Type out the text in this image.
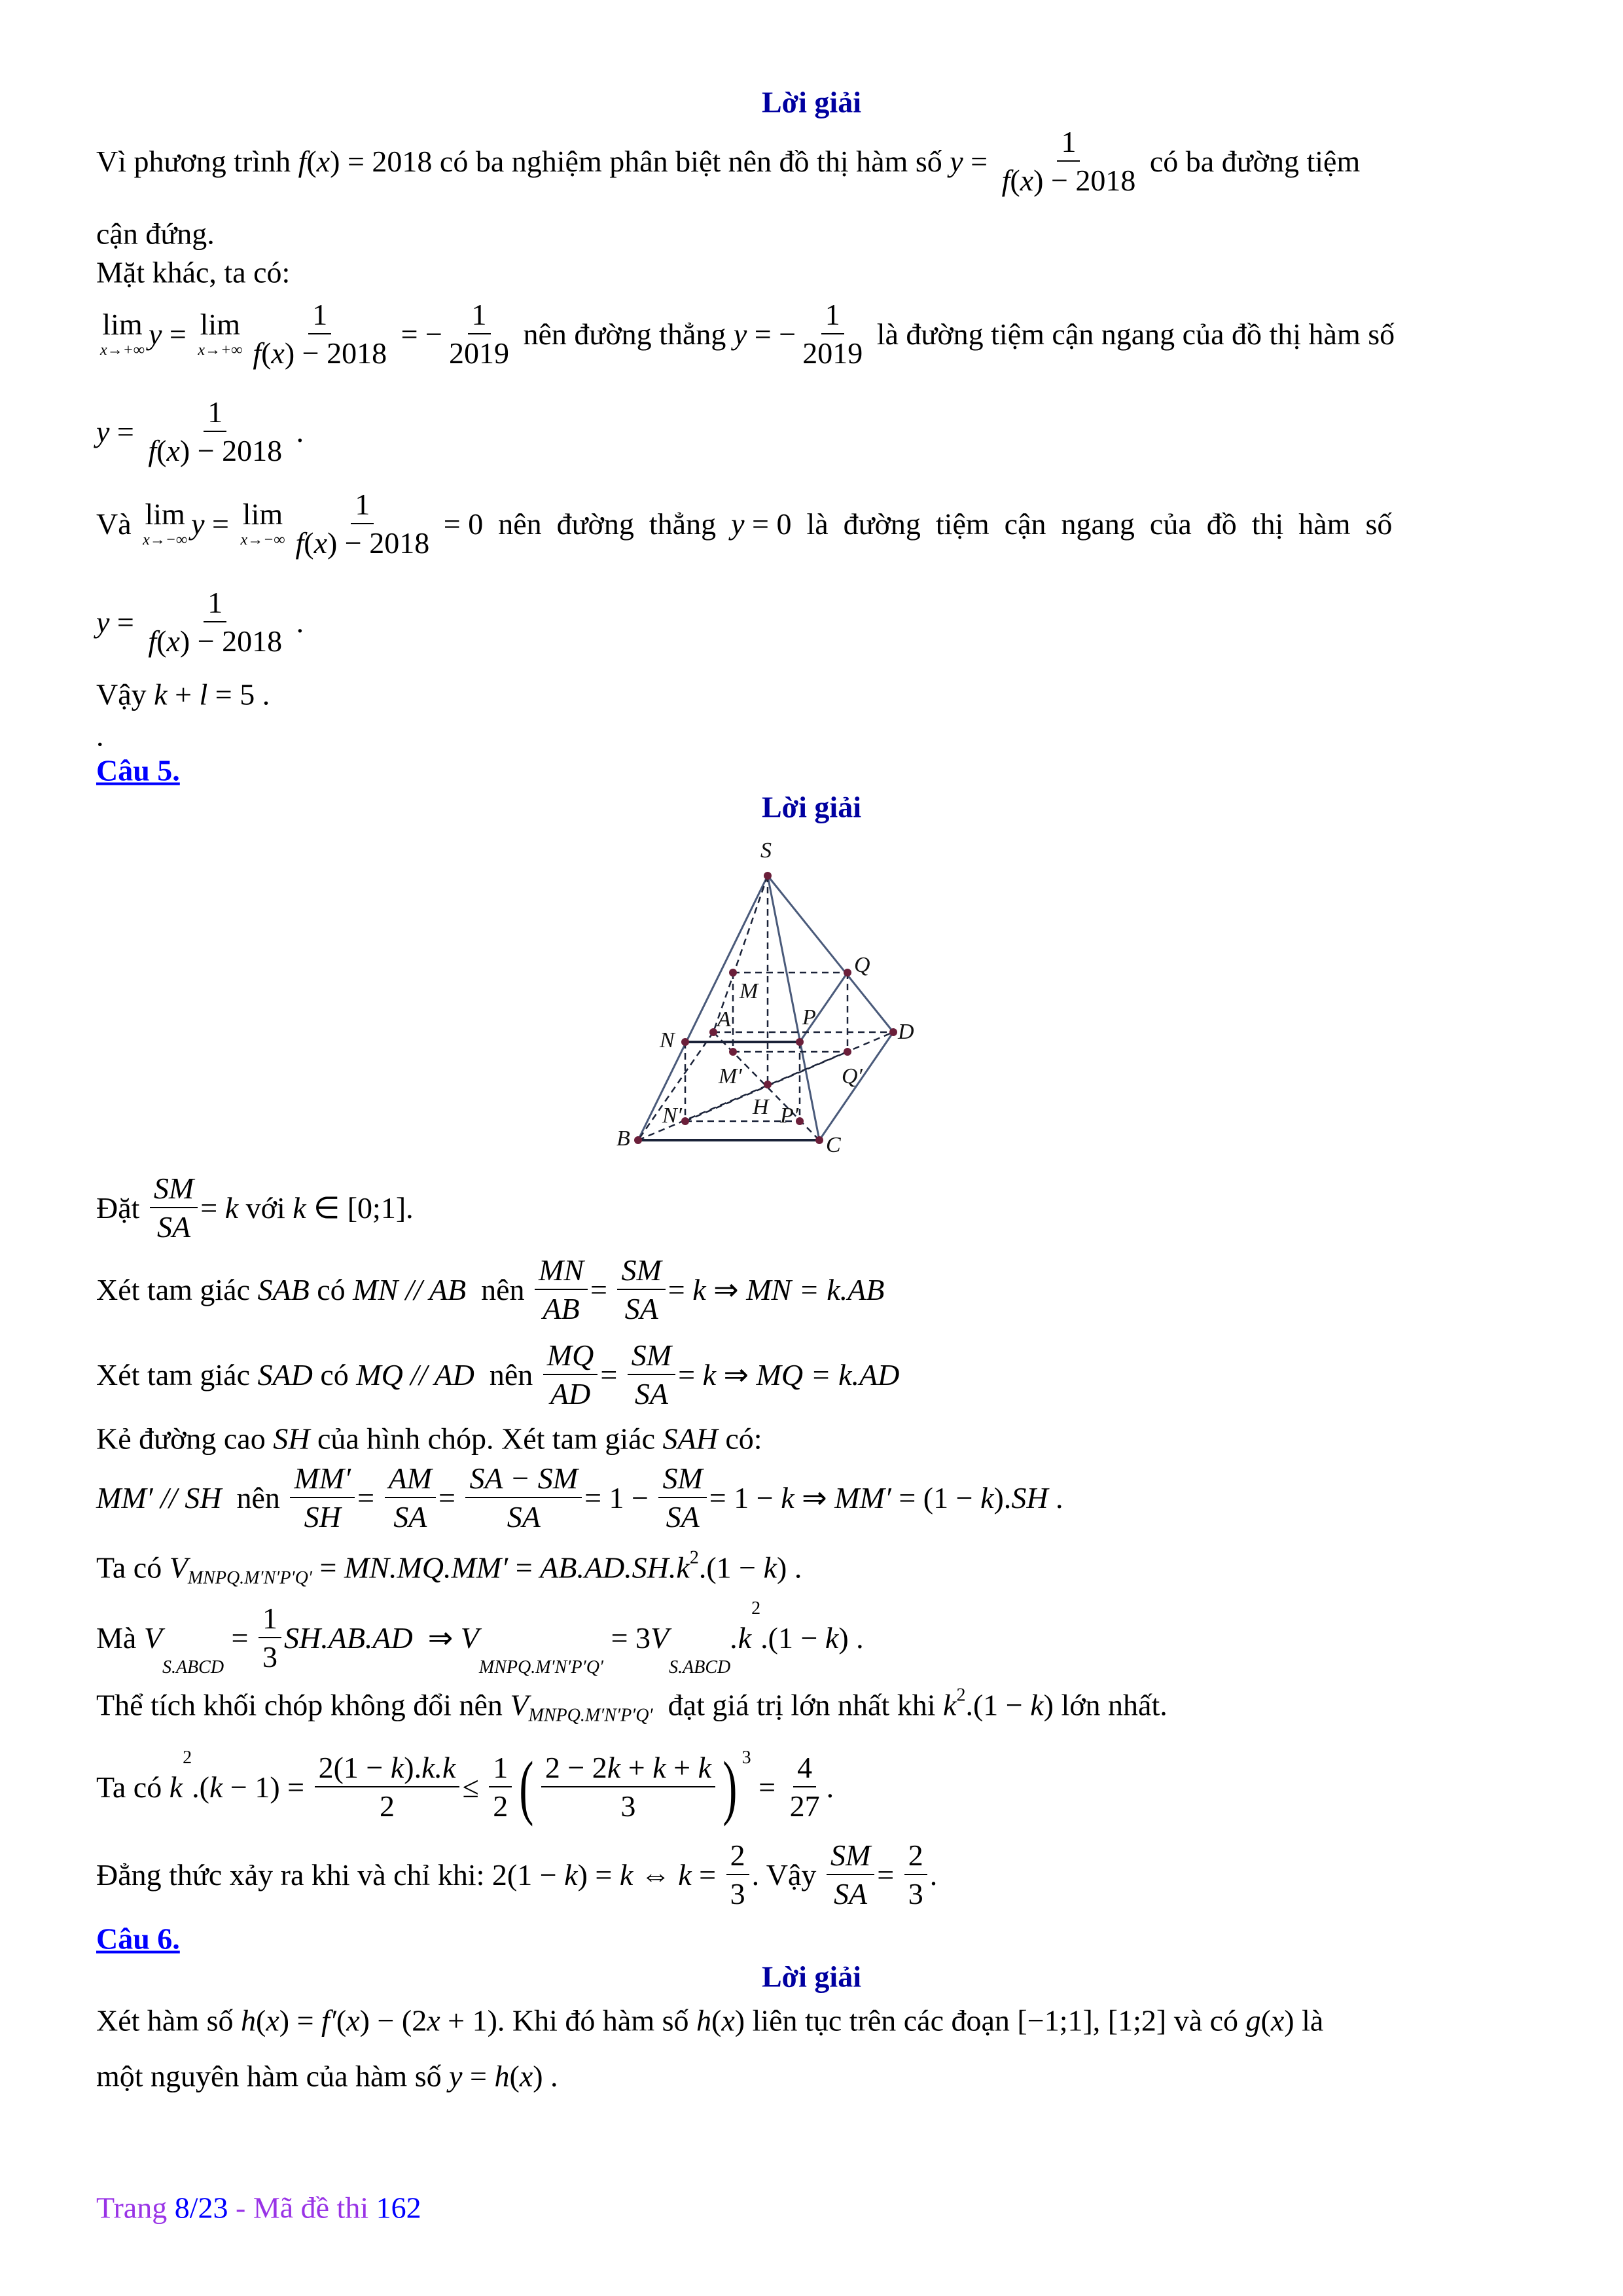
Lời giải
Vì phương trình f ( x ) = 2018 có ba nghiệm phân biệt nên đồ thị hàm số $y = \frac{1}{f ( x ) - 2018}$ có ba đường tiệm
cận đứng.
Mặt khác, ta có:
lim
x→+∞ y = lim
$x\to+\infty \frac{1}{f ( x ) - 2018}$ = − $\frac{1}{2019}$ nên đường thẳng y = − $\frac{1}{2019}$ là đường tiệm cận ngang của đồ thị hàm số
$y = \frac{1}{f ( x ) - 2018}$ .
Và lim
x→−∞ y = lim
$x\to-\infty \frac{1}{f ( x ) - 2018} = 0$  nên  đường  thẳng y = 0  là  đường  tiệm  cận  ngang  của  đồ  thị  hàm  số
$y = \frac{1}{f ( x ) - 2018}$ .
Vậy k + l = 5 .
.
Câu 5.
Lời giải
Đặt $\frac{SM}{SA} = k$ với k ∈ [0;1].
Xét tam giác SAB có MN // AB nên $\frac{MN}{AB} = \frac{SM}{SA} = k$ ⇒ MN = k.AB
Xét tam giác SAD có MQ // AD nên $\frac{MQ}{AD} = \frac{SM}{SA} = k$ ⇒ MQ = k.AD
Kẻ đường cao SH của hình chóp. Xét tam giác SAH có:
MM′ // SH nên $\frac{MM'}{SH} = \frac{AM}{SA} = \frac{SA - SM}{SA} = 1 - \frac{SM}{SA} = 1 - k$ ⇒ MM′ = (1 − k ). SH .
Ta có V MNPQ.M′N′P′Q′ = MN.MQ.MM′ = AB.AD.SH.k 2 .(1 − k ) .
Mà V
S.ABCD
= $\frac{1}{3} SH.AB.AD$ ⇒ V
MNPQ.M′N′P′Q′
= 3 V
S.ABCD
.k
2
.(1 − k ) .
Thể tích khối chóp không đổi nên V MNPQ.M′N′P′Q′ đạt giá trị lớn nhất khi k 2 .(1 − k ) lớn nhất.
Ta có k
2
.( $k - 1) = \frac{2(1 - k ). k.k}{2} \le \frac{1}{2}$ ( $\frac{2 - 2 k + k + k}{3}$ ) 3
= $\frac{4}{27}$ .
Đẳng thức xảy ra khi và chỉ khi: 2(1 − k ) = k ⇔ $k = \frac{2}{3}$ . Vậy $\frac{SM}{SA} = \frac{2}{3}$ .
Câu 6.
Lời giải
Xét hàm số h ( x ) = f′ ( x ) − (2 x + 1). Khi đó hàm số h ( x ) liên tục trên các đoạn [−1;1], [1;2] và có g ( x ) là
một nguyên hàm của hàm số y = h ( x ) .
S
Q
M
A	P
N	D
M′	Q′
H P′
N′
B	C
Trang 8/23 - Mã đề thi 162
